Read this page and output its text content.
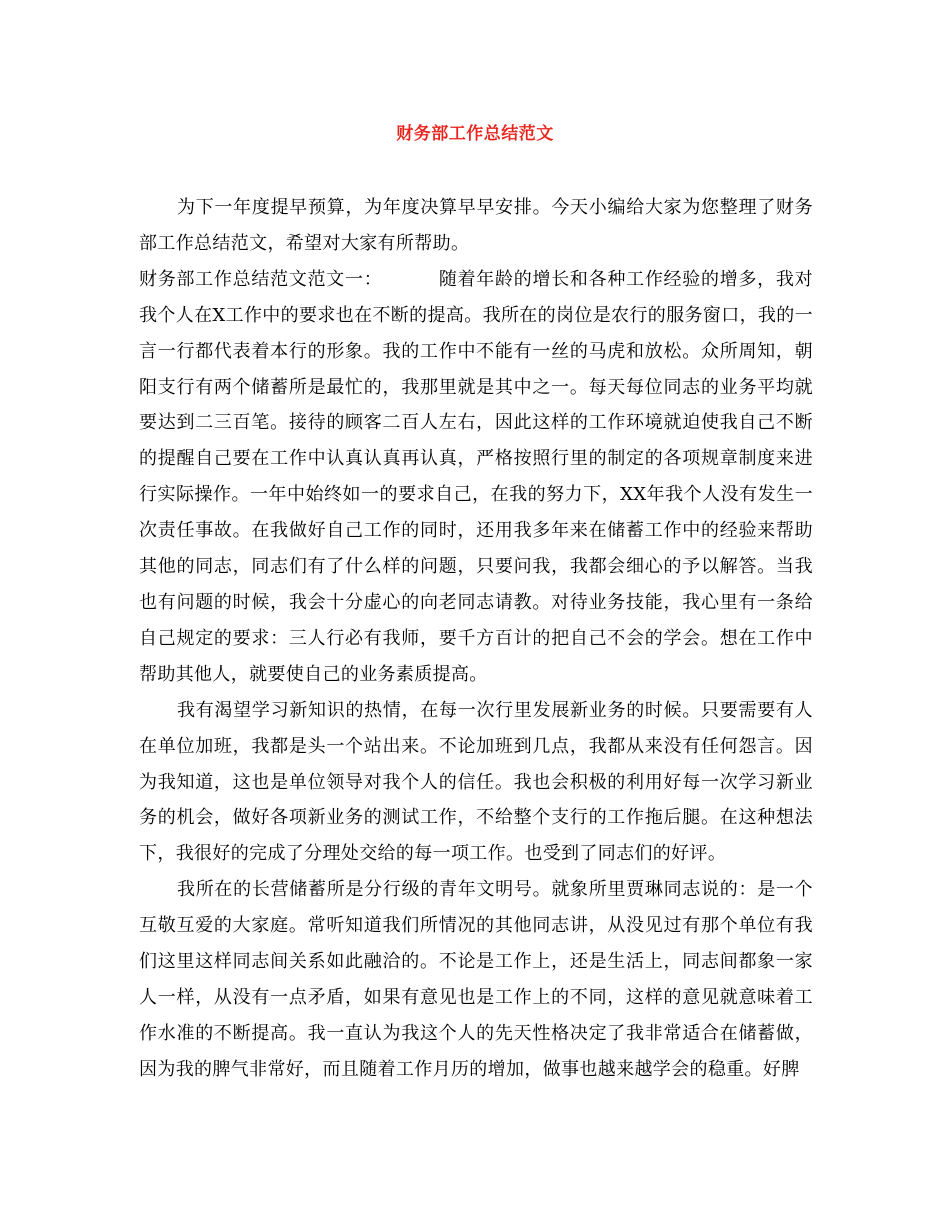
财务部工作总结范文

为下一年度提早预算，为年度决算早早安排。今天小编给大家为您整理了财务部工作总结范文，希望对大家有所帮助。

财务部工作总结范文范文一：	随着年龄的增长和各种工作经验的增多，我对我个人在X工作中的要求也在不断的提高。我所在的岗位是农行的服务窗口，我的一言一行都代表着本行的形象。我的工作中不能有一丝的马虎和放松。众所周知，朝阳支行有两个储蓄所是最忙的，我那里就是其中之一。每天每位同志的业务平均就要达到二三百笔。接待的顾客二百人左右，因此这样的工作环境就迫使我自己不断的提醒自己要在工作中认真认真再认真，严格按照行里的制定的各项规章制度来进行实际操作。一年中始终如一的要求自己，在我的努力下，XX年我个人没有发生一次责任事故。在我做好自己工作的同时，还用我多年来在储蓄工作中的经验来帮助其他的同志，同志们有了什么样的问题，只要问我，我都会细心的予以解答。当我也有问题的时候，我会十分虚心的向老同志请教。对待业务技能，我心里有一条给自己规定的要求：三人行必有我师，要千方百计的把自己不会的学会。想在工作中帮助其他人，就要使自己的业务素质提高。

我有渴望学习新知识的热情，在每一次行里发展新业务的时候。只要需要有人在单位加班，我都是头一个站出来。不论加班到几点，我都从来没有任何怨言。因为我知道，这也是单位领导对我个人的信任。我也会积极的利用好每一次学习新业务的机会，做好各项新业务的测试工作，不给整个支行的工作拖后腿。在这种想法下，我很好的完成了分理处交给的每一项工作。也受到了同志们的好评。

我所在的长营储蓄所是分行级的青年文明号。就象所里贾琳同志说的：是一个互敬互爱的大家庭。常听知道我们所情况的其他同志讲，从没见过有那个单位有我们这里这样同志间关系如此融洽的。不论是工作上，还是生活上，同志间都象一家人一样，从没有一点矛盾，如果有意见也是工作上的不同，这样的意见就意味着工作水准的不断提高。我一直认为我这个人的先天性格决定了我非常适合在储蓄做，因为我的脾气非常好，而且随着工作月历的增加，做事也越来越学会的稳重。好脾
